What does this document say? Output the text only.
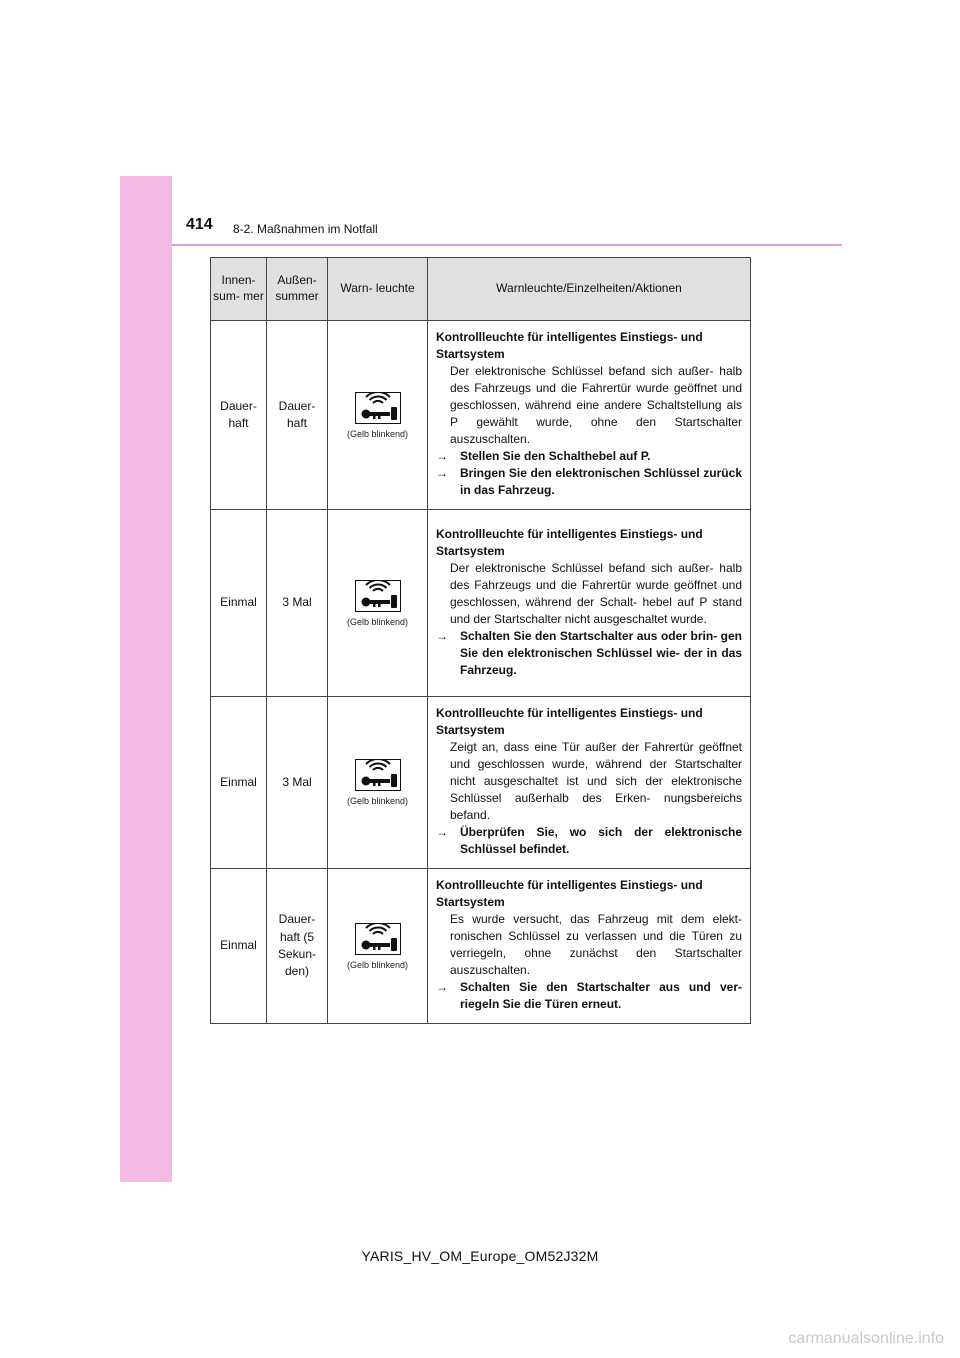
414 8-2. Maßnahmen im Notfall
Innen- sum- mer	Außen- summer	Warn- leuchte	Warnleuchte/Einzelheiten/Aktionen
Dauer- haft	Dauer- haft	(Gelb blinkend)	Kontrollleuchte für intelligentes Einstiegs- und Startsystem
Der elektronische Schlüssel befand sich außer- halb des Fahrzeugs und die Fahrertür wurde geöffnet und geschlossen, während eine andere Schaltstellung als P gewählt wurde, ohne den Startschalter auszuschalten.
→ Stellen Sie den Schalthebel auf P.
→ Bringen Sie den elektronischen Schlüssel zurück in das Fahrzeug.

Einmal	3 Mal	(Gelb blinkend)	Kontrollleuchte für intelligentes Einstiegs- und Startsystem
Der elektronische Schlüssel befand sich außer- halb des Fahrzeugs und die Fahrertür wurde geöffnet und geschlossen, während der Schalt- hebel auf P stand und der Startschalter nicht ausgeschaltet wurde.
→ Schalten Sie den Startschalter aus oder brin- gen Sie den elektronischen Schlüssel wie- der in das Fahrzeug.

Einmal	3 Mal	(Gelb blinkend)	Kontrollleuchte für intelligentes Einstiegs- und Startsystem
Zeigt an, dass eine Tür außer der Fahrertür geöffnet und geschlossen wurde, während der Startschalter nicht ausgeschaltet ist und sich der elektronische Schlüssel außerhalb des Erken- nungsbereichs befand.
→ Überprüfen Sie, wo sich der elektronische Schlüssel befindet.

Einmal	Dauer- haft (5 Sekun- den)	(Gelb blinkend)	Kontrollleuchte für intelligentes Einstiegs- und Startsystem
Es wurde versucht, das Fahrzeug mit dem elekt- ronischen Schlüssel zu verlassen und die Türen zu verriegeln, ohne zunächst den Startschalter auszuschalten.
→ Schalten Sie den Startschalter aus und ver- riegeln Sie die Türen erneut.
YARIS_HV_OM_Europe_OM52J32M
carmanualsonline.info
